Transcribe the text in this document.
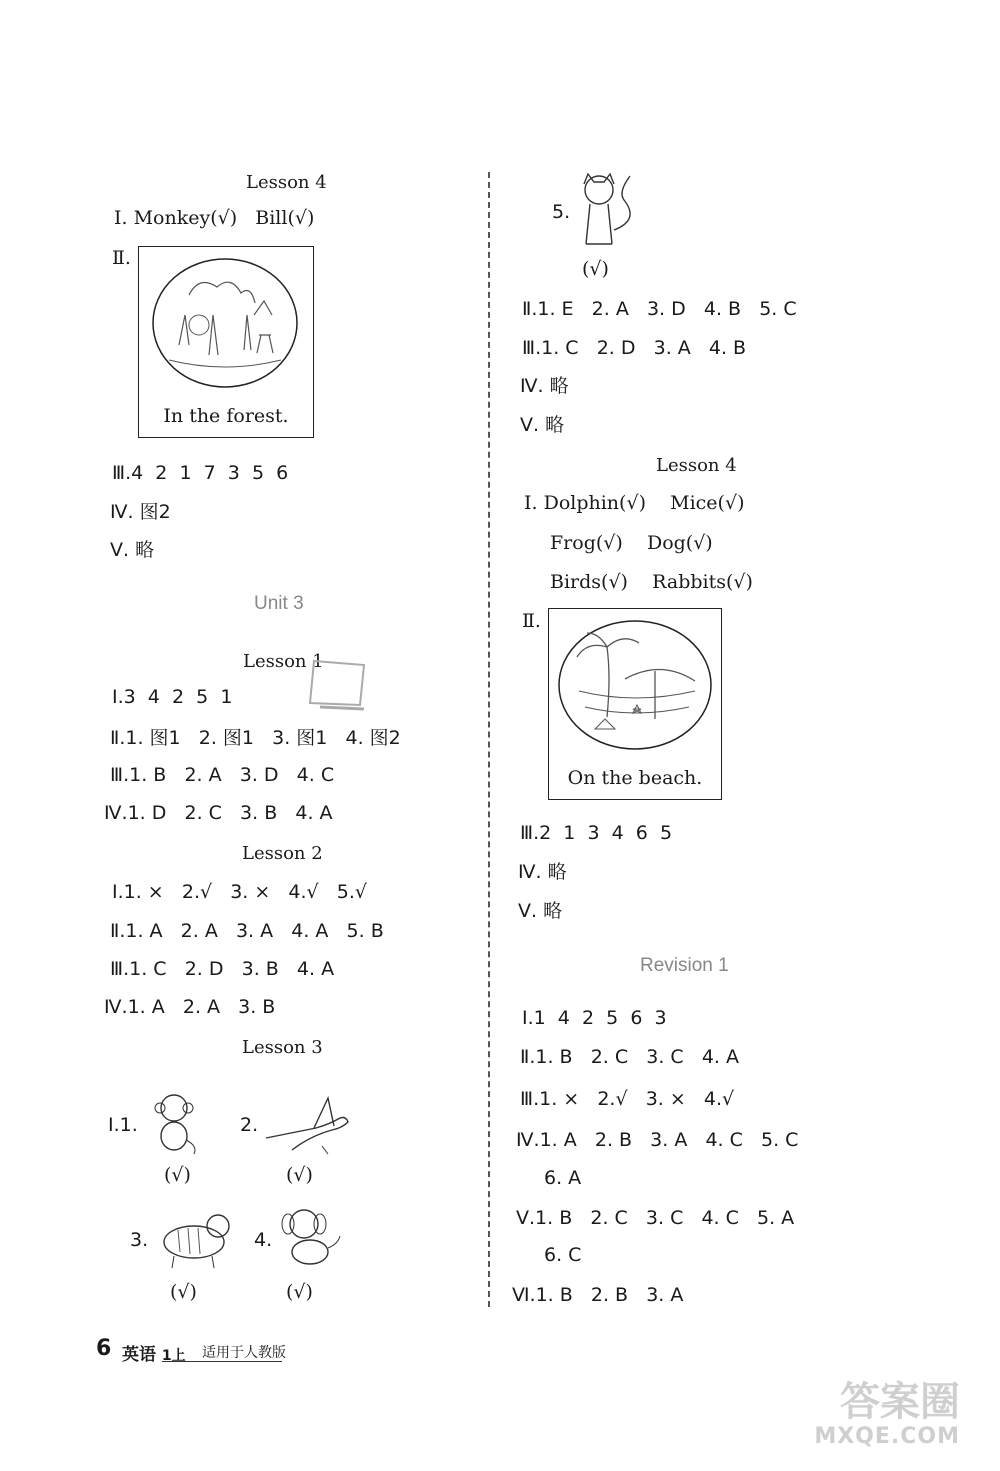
Lesson 4
Ⅰ. Monkey(√)   Bill(√)
Ⅱ.
In the forest.
Ⅲ.4  2  1  7  3  5  6
Ⅳ. 图2
Ⅴ. 略
Unit 3
Lesson 1
Ⅰ.3  4  2  5  1
Ⅱ.1. 图1   2. 图1   3. 图1   4. 图2
Ⅲ.1. B   2. A   3. D   4. C
Ⅳ.1. D   2. C   3. B   4. A
Lesson 2
Ⅰ.1. ×   2.√   3. ×   4.√   5.√
Ⅱ.1. A   2. A   3. A   4. A   5. B
Ⅲ.1. C   2. D   3. B   4. A
Ⅳ.1. A   2. A   3. B
Lesson 3
Ⅰ.1.
(√)
2.
(√)
3.
(√)
4.
(√)
5.
(√)
Ⅱ.1. E   2. A   3. D   4. B   5. C
Ⅲ.1. C   2. D   3. A   4. B
Ⅳ. 略
Ⅴ. 略
Lesson 4
Ⅰ. Dolphin(√)    Mice(√)
Frog(√)    Dog(√)
Birds(√)    Rabbits(√)
Ⅱ.
On the beach.
Ⅲ.2  1  3  4  6  5
Ⅳ. 略
Ⅴ. 略
Revision 1
Ⅰ.1  4  2  5  6  3
Ⅱ.1. B   2. C   3. C   4. A
Ⅲ.1. ×   2.√   3. ×   4.√
Ⅳ.1. A   2. B   3. A   4. C   5. C
6. A
Ⅴ.1. B   2. C   3. C   4. C   5. A
6. C
Ⅵ.1. B   2. B   3. A
6 英语 1上 适用于人教版
答案圈
MXQE.COM
